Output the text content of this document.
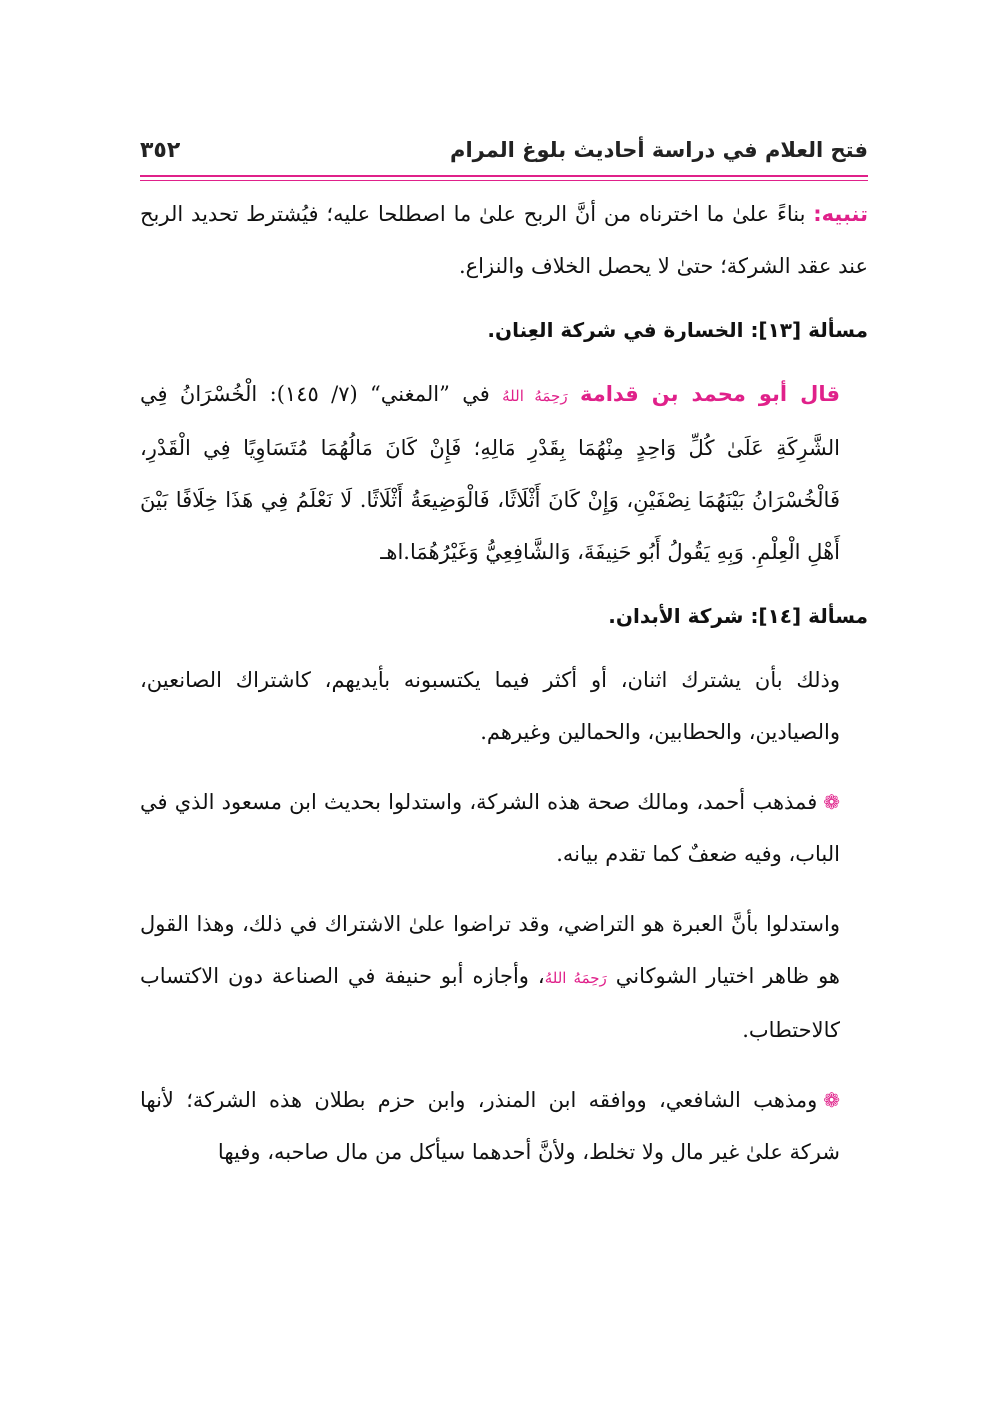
فتح العلام في دراسة أحاديث بلوغ المرام
٣٥٢

تنبيه: بناءً علىٰ ما اخترناه من أنَّ الربح علىٰ ما اصطلحا عليه؛ فيُشترط تحديد الربح عند عقد الشركة؛ حتىٰ لا يحصل الخلاف والنزاع.

مسألة [١٣]: الخسارة في شركة العِنان.

قال أبو محمد بن قدامة رَحِمَهُ اللهُ في ”المغني“ (٧/ ١٤٥): الْخُسْرَانُ فِي الشَّرِكَةِ عَلَىٰ كُلِّ وَاحِدٍ مِنْهُمَا بِقَدْرِ مَالِهِ؛ فَإِنْ كَانَ مَالُهُمَا مُتَسَاوِيًا فِي الْقَدْرِ، فَالْخُسْرَانُ بَيْنَهُمَا نِصْفَيْنِ، وَإِنْ كَانَ أَثْلَاثًا، فَالْوَضِيعَةُ أَثْلَاثًا. لَا نَعْلَمُ فِي هَذَا خِلَافًا بَيْنَ أَهْلِ الْعِلْمِ. وَبِهِ يَقُولُ أَبُو حَنِيفَةَ، وَالشَّافِعِيُّ وَغَيْرُهُمَا.اهـ

مسألة [١٤]: شركة الأبدان.

وذلك بأن يشترك اثنان، أو أكثر فيما يكتسبونه بأيديهم، كاشتراك الصانعين، والصيادين، والحطابين، والحمالين وغيرهم.

❁فمذهب أحمد، ومالك صحة هذه الشركة، واستدلوا بحديث ابن مسعود الذي في الباب، وفيه ضعفٌ كما تقدم بيانه.

واستدلوا بأنَّ العبرة هو التراضي، وقد تراضوا علىٰ الاشتراك في ذلك، وهذا القول هو ظاهر اختيار الشوكاني رَحِمَهُ اللهُ، وأجازه أبو حنيفة في الصناعة دون الاكتساب كالاحتطاب.

❁ومذهب الشافعي، ووافقه ابن المنذر، وابن حزم بطلان هذه الشركة؛ لأنها شركة علىٰ غير مال ولا تخلط، ولأنَّ أحدهما سيأكل من مال صاحبه، وفيها
